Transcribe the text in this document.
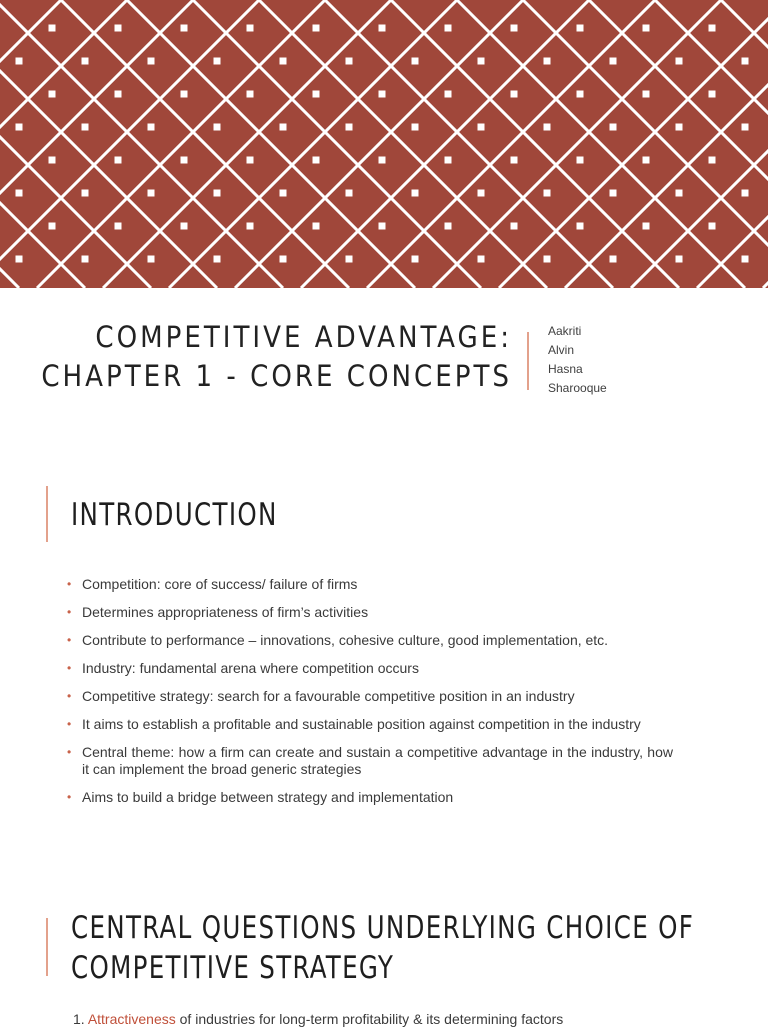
COMPETITIVE ADVANTAGE:
CHAPTER 1 - CORE CONCEPTS
Aakriti
Alvin
Hasna
Sharooque
INTRODUCTION
• Competition: core of success/ failure of firms
• Determines appropriateness of firm’s activities
• Contribute to performance – innovations, cohesive culture, good implementation, etc.
• Industry: fundamental arena where competition occurs
• Competitive strategy: search for a favourable competitive position in an industry
• It aims to establish a profitable and sustainable position against competition in the industry
• Central theme: how a firm can create and sustain a competitive advantage in the industry, how it can implement the broad generic strategies
• Aims to build a bridge between strategy and implementation
CENTRAL QUESTIONS UNDERLYING CHOICE OF
COMPETITIVE STRATEGY
1. Attractiveness of industries for long-term profitability & its determining factors
